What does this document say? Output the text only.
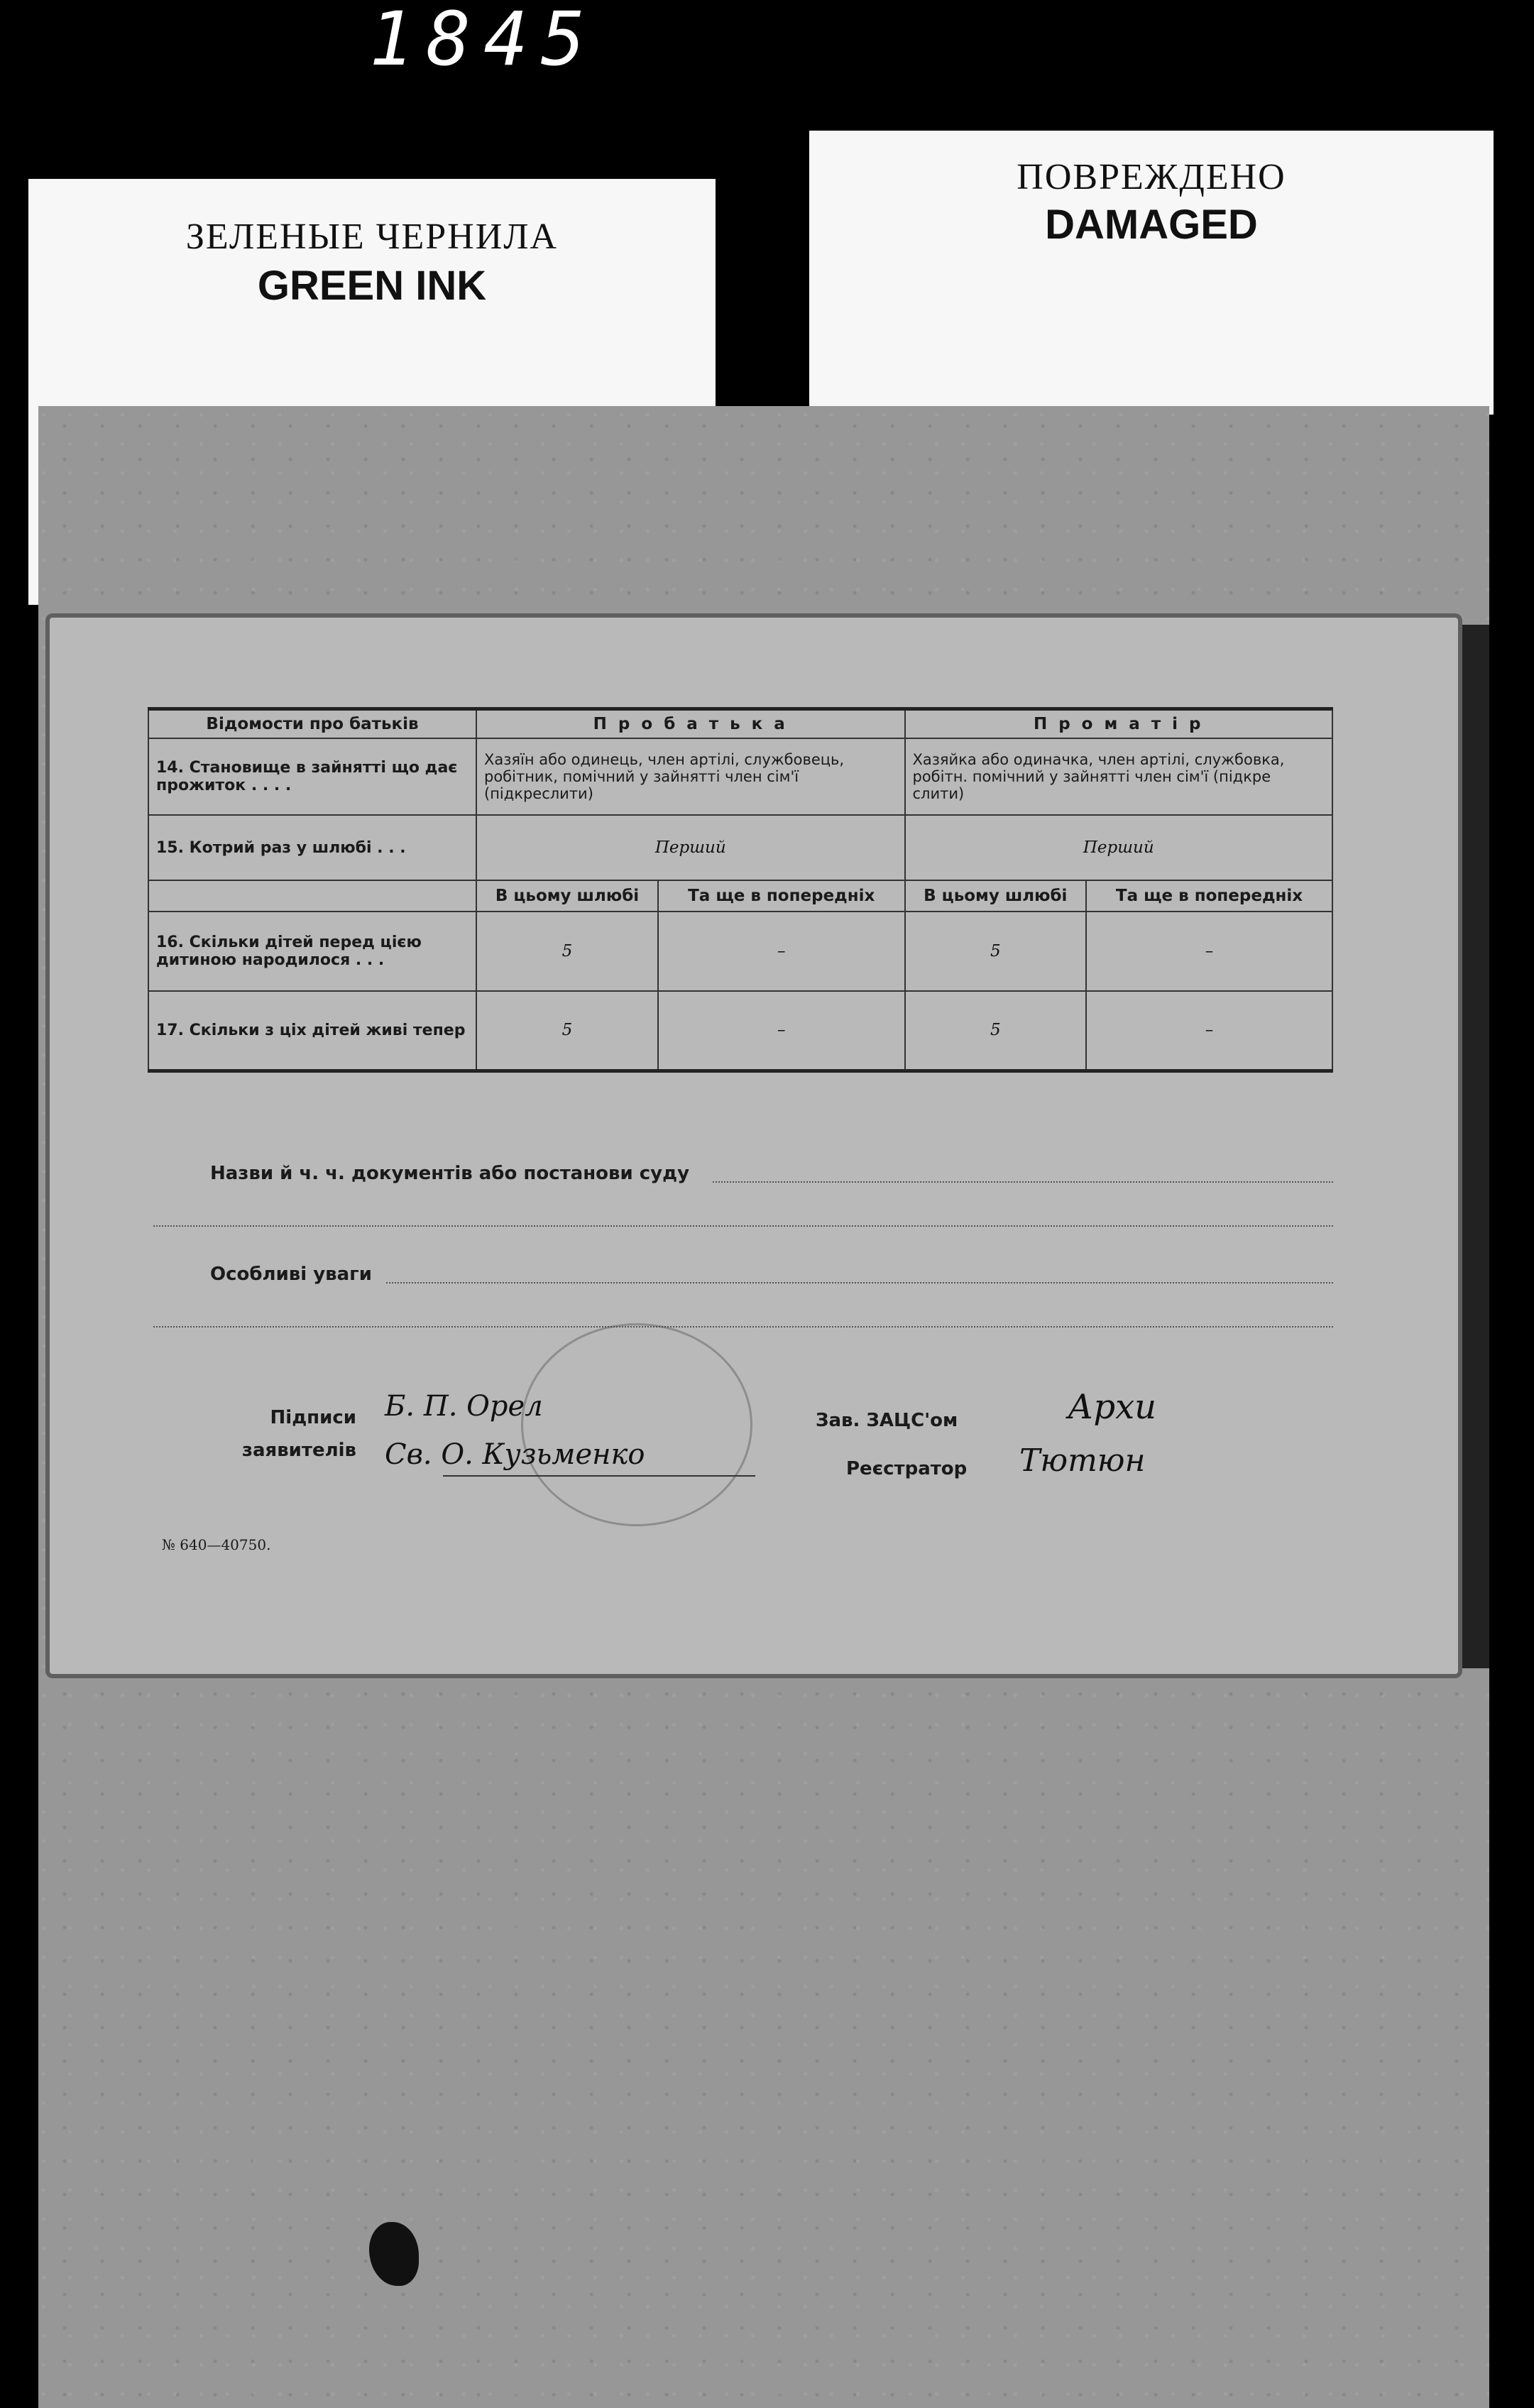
1845
ЗЕЛЕНЫЕ ЧЕРНИЛА
GREEN INK
ПОВРЕЖДЕНО
DAMAGED
Відомости про батьків	П р о б а т ь к а		П р о м а т і р	
14. Становище в зайнятті що дає прожиток . . . .	Хазяїн або одинець, член артілі, службовець, робітник, помічний у зайнятті член сім'ї (підкреслити)		Хазяйка або одиначка, член артілі, службовка, робітн. помічний у зайнятті член сім'ї (підкре слити)	
15. Котрий раз у шлюбі . . .	Перший		Перший	
	В цьому шлюбі	Та ще в попередніх	В цьому шлюбі	Та ще в попередніх
16. Скільки дітей перед цією дитиною народилося . . .	5	–	5	–
17. Скільки з ціх дітей живі тепер	5	–	5	–
Назви й ч. ч. документів або постанови суду
Особливі уваги
Підписи
заявителів
Б. П. Орел
Св. О. Кузьменко
Зав. ЗАЦС'ом	Архи
Реєстратор Тютюн
№ 640—40750.
